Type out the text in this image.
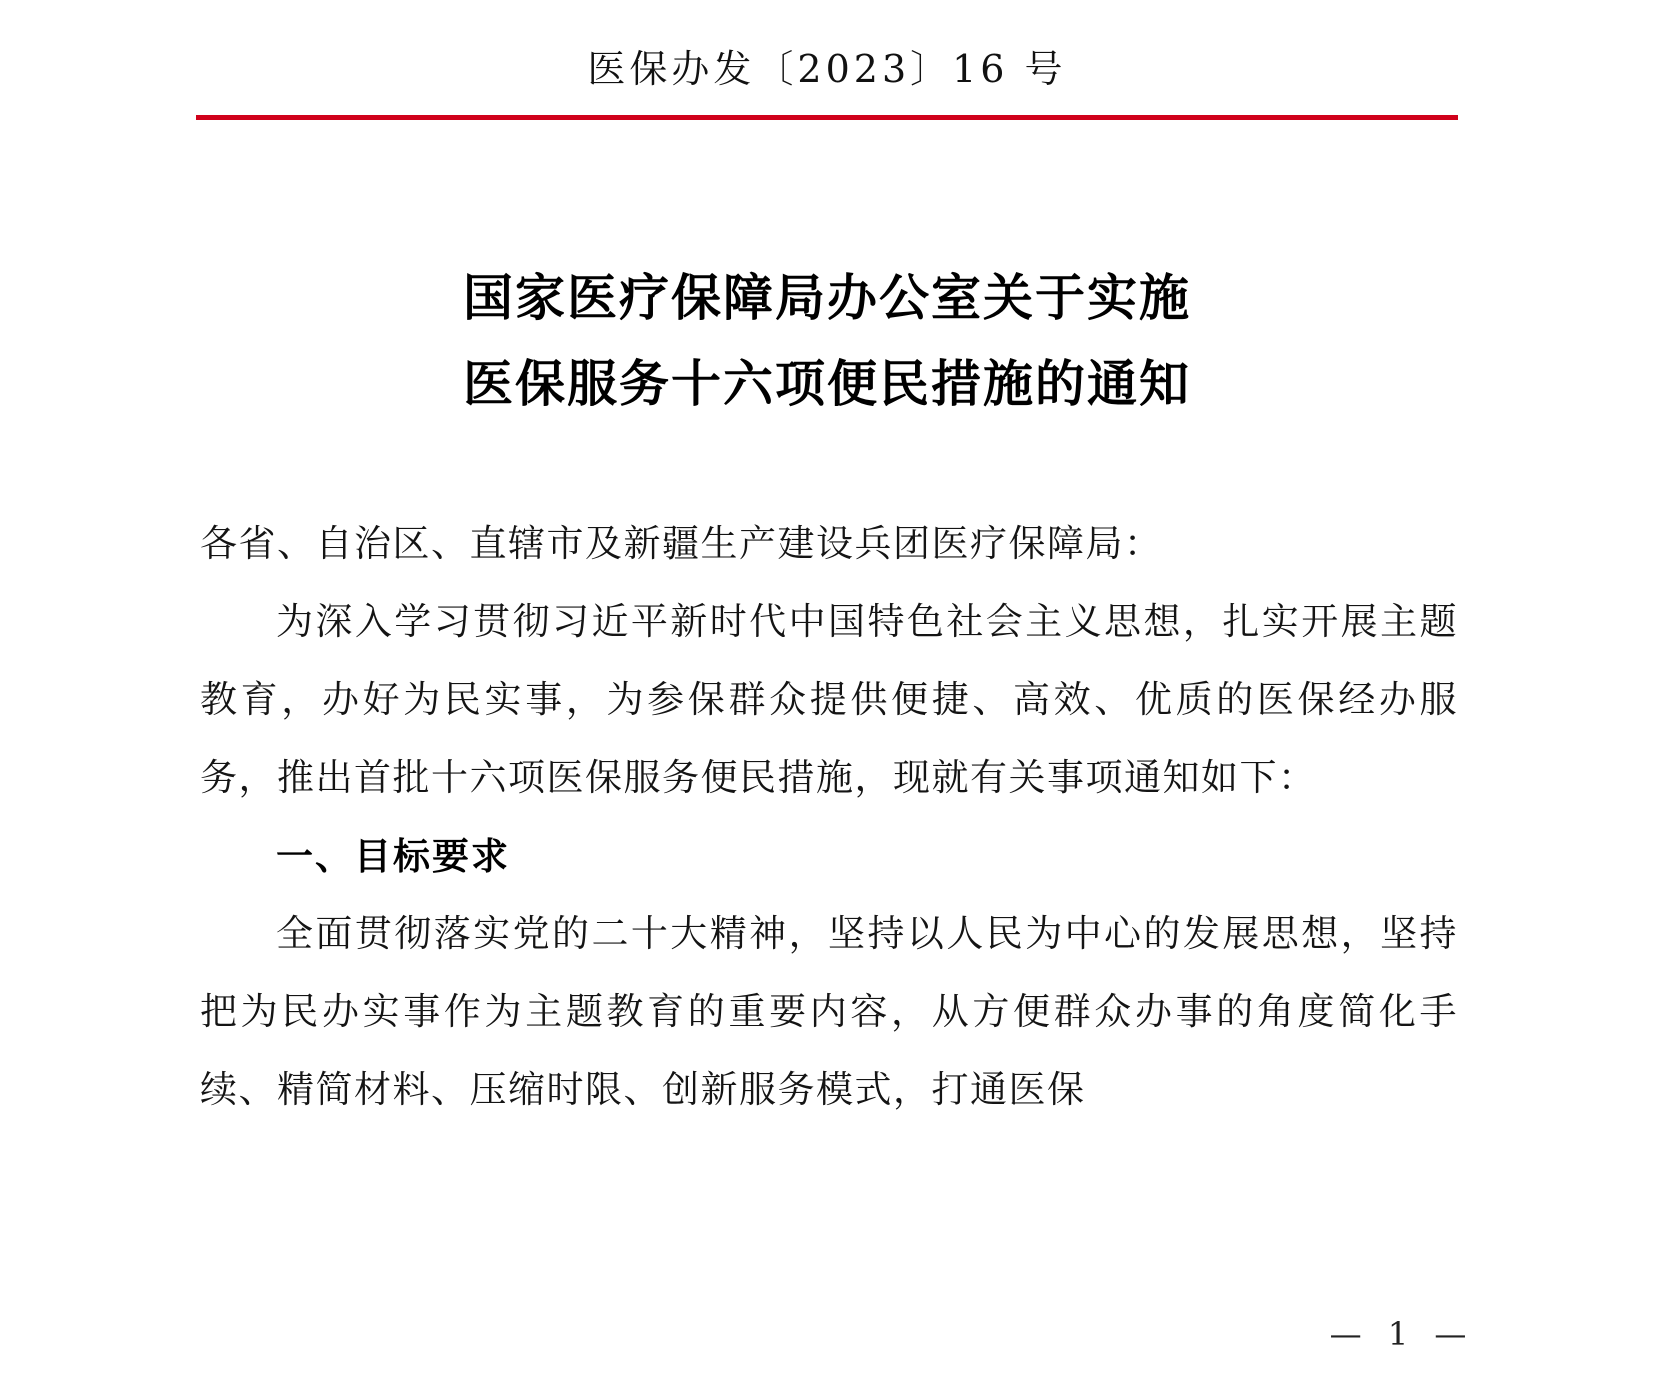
医保办发〔2023〕16 号
国家医疗保障局办公室关于实施
医保服务十六项便民措施的通知

各省、自治区、直辖市及新疆生产建设兵团医疗保障局：

为深入学习贯彻习近平新时代中国特色社会主义思想，扎实开展主题教育，办好为民实事，为参保群众提供便捷、高效、优质的医保经办服务，推出首批十六项医保服务便民措施，现就有关事项通知如下：

一、目标要求

全面贯彻落实党的二十大精神，坚持以人民为中心的发展思想，坚持把为民办实事作为主题教育的重要内容，从方便群众办事的角度简化手续、精简材料、压缩时限、创新服务模式，打通医保

— 1 —
